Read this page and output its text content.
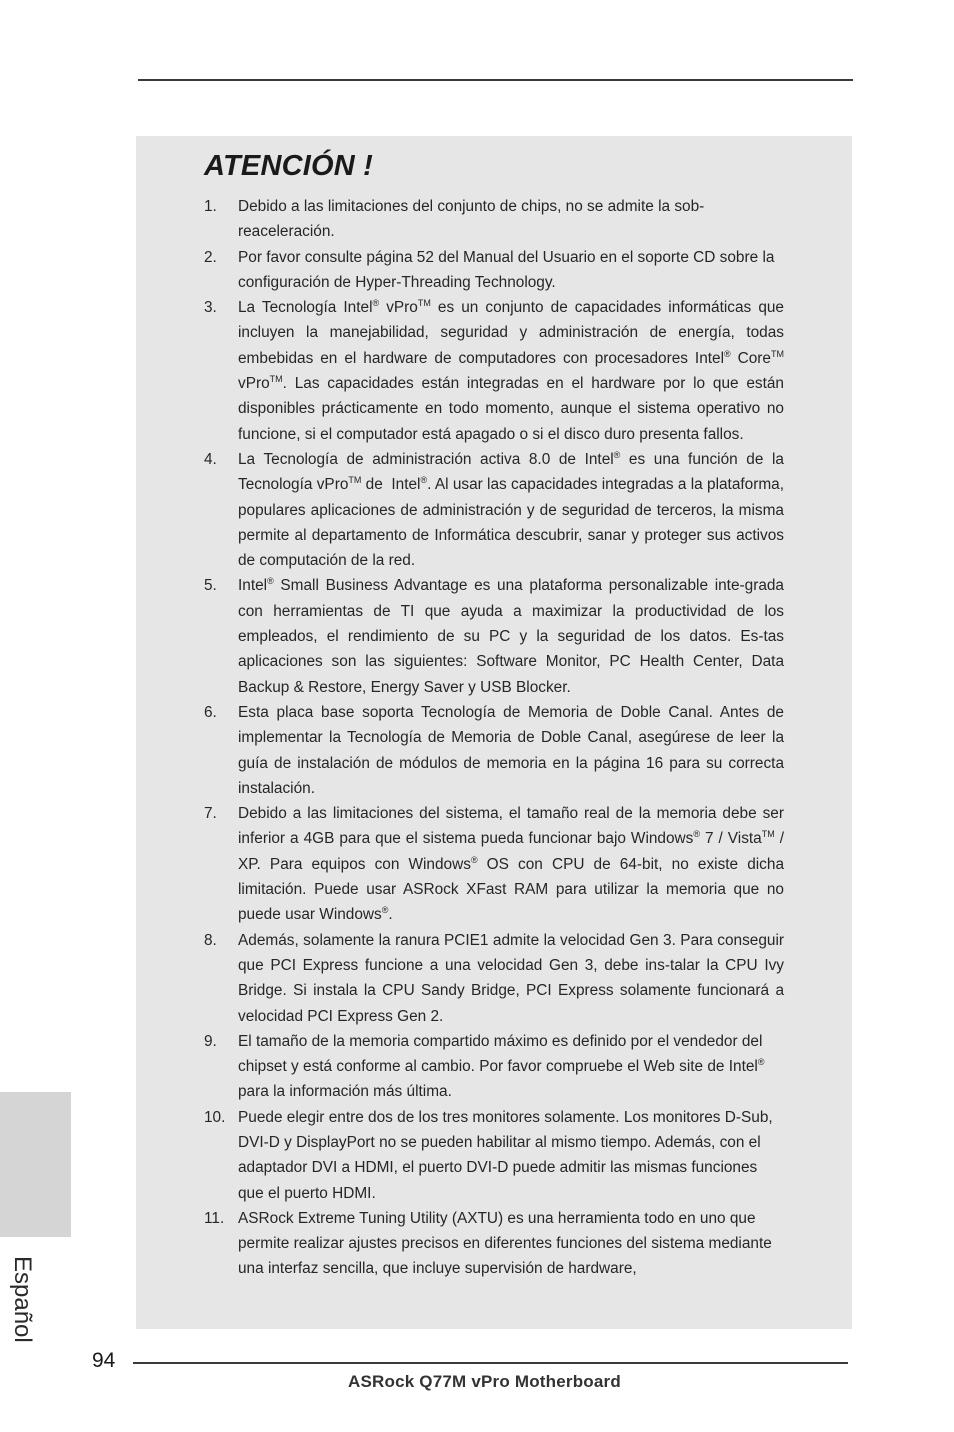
ATENCIÓN !
1.	Debido a las limitaciones del conjunto de chips, no se admite la sob-reaceleración.
2.	Por favor consulte página 52 del Manual del Usuario en el soporte CD sobre la configuración de Hyper-Threading Technology.
3.	La Tecnología Intel® vPro™ es un conjunto de capacidades informáticas que incluyen la manejabilidad, seguridad y administración de energía, todas embebidas en el hardware de computadores con procesadores Intel® Core™ vPro™. Las capacidades están integradas en el hardware por lo que están disponibles prácticamente en todo momento, aunque el sistema operativo no funcione, si el computador está apagado o si el disco duro presenta fallos.
4.	La Tecnología de administración activa 8.0 de Intel® es una función de la Tecnología vPro™ de  Intel®. Al usar las capacidades integradas a la plataforma, populares aplicaciones de administración y de seguridad de terceros, la misma permite al departamento de Informática descubrir, sanar y proteger sus activos de computación de la red.
5.	Intel® Small Business Advantage es una plataforma personalizable inte-grada con herramientas de TI que ayuda a maximizar la productividad de los empleados, el rendimiento de su PC y la seguridad de los datos. Es-tas aplicaciones son las siguientes: Software Monitor, PC Health Center, Data Backup & Restore, Energy Saver y USB Blocker.
6.	Esta placa base soporta Tecnología de Memoria de Doble Canal. Antes de implementar la Tecnología de Memoria de Doble Canal, asegúrese de leer la guía de instalación de módulos de memoria en la página 16 para su correcta instalación.
7.	Debido a las limitaciones del sistema, el tamaño real de la memoria debe ser inferior a 4GB para que el sistema pueda funcionar bajo Windows® 7 / Vista™ / XP. Para equipos con Windows® OS con CPU de 64-bit, no existe dicha limitación. Puede usar ASRock XFast RAM para utilizar la memoria que no puede usar Windows®.
8.	Además, solamente la ranura PCIE1 admite la velocidad Gen 3. Para conseguir que PCI Express funcione a una velocidad Gen 3, debe ins-talar la CPU Ivy Bridge. Si instala la CPU Sandy Bridge, PCI Express solamente funcionará a velocidad PCI Express Gen 2.
9.	El tamaño de la memoria compartido máximo es definido por el vendedor del chipset y está conforme al cambio. Por favor compruebe el Web site de Intel® para la información más última.
10. Puede elegir entre dos de los tres monitores solamente. Los monitores D-Sub, DVI-D y DisplayPort no se pueden habilitar al mismo tiempo. Además, con el adaptador DVI a HDMI, el puerto DVI-D puede admitir las mismas funciones que el puerto HDMI.
11. ASRock Extreme Tuning Utility (AXTU) es una herramienta todo en uno que permite realizar ajustes precisos en diferentes funciones del sistema mediante una interfaz sencilla, que incluye supervisión de hardware,
Español
94
ASRock Q77M vPro Motherboard
